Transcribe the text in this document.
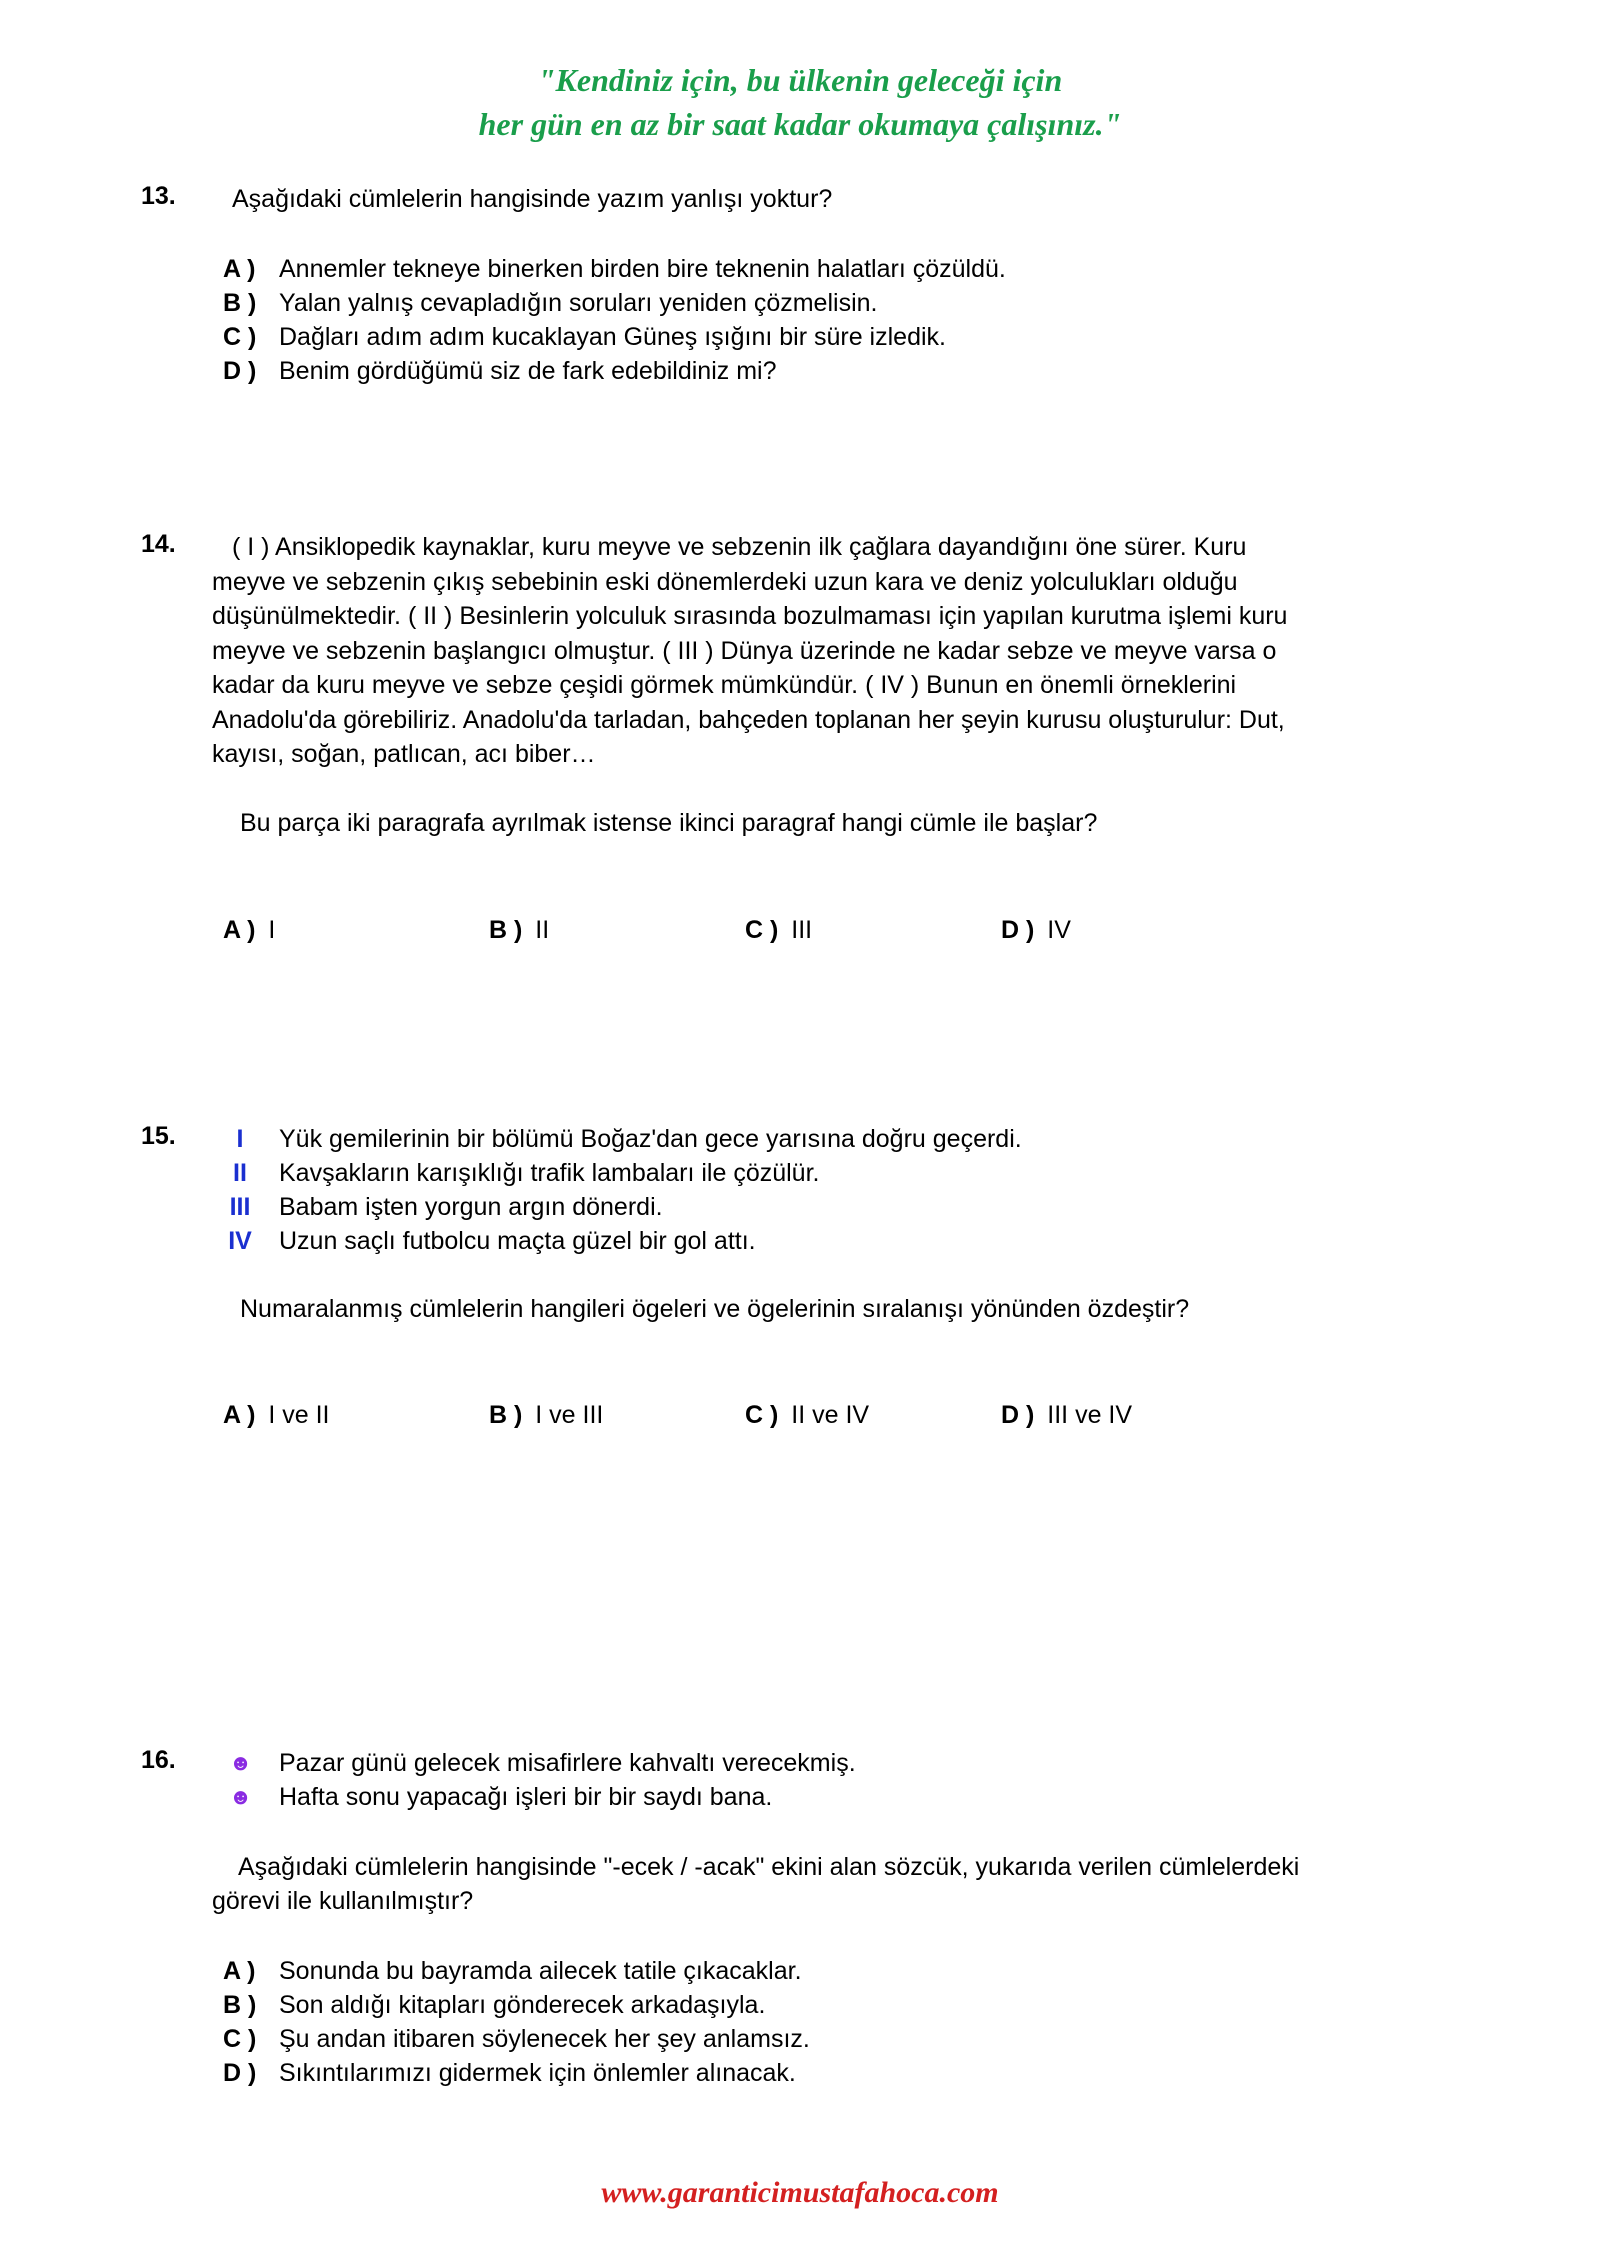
"Kendiniz için, bu ülkenin geleceği için
her gün en az bir saat kadar okumaya çalışınız."
13. Aşağıdaki cümlelerin hangisinde yazım yanlışı yoktur?
A ) Annemler tekneye binerken birden bire teknenin halatları çözüldü.
B ) Yalan yalnış cevapladığın soruları yeniden çözmelisin.
C ) Dağları adım adım kucaklayan Güneş ışığını bir süre izledik.
D ) Benim gördüğümü siz de fark edebildiniz mi?
14. ( I ) Ansiklopedik kaynaklar, kuru meyve ve sebzenin ilk çağlara dayandığını öne sürer. Kuru
meyve ve sebzenin çıkış sebebinin eski dönemlerdeki uzun kara ve deniz yolculukları olduğu
düşünülmektedir. ( II ) Besinlerin yolculuk sırasında bozulmaması için yapılan kurutma işlemi kuru
meyve ve sebzenin başlangıcı olmuştur. ( III ) Dünya üzerinde ne kadar sebze ve meyve varsa o
kadar da kuru meyve ve sebze çeşidi görmek mümkündür. ( IV ) Bunun en önemli örneklerini
Anadolu'da görebiliriz. Anadolu'da tarladan, bahçeden toplanan her şeyin kurusu oluşturulur: Dut,
kayısı, soğan, patlıcan, acı biber…
Bu parça iki paragrafa ayrılmak istense ikinci paragraf hangi cümle ile başlar?
A ) I	B ) II	C ) III	D ) IV
15.	I	Yük gemilerinin bir bölümü Boğaz'dan gece yarısına doğru geçerdi.
II	Kavşakların karışıklığı trafik lambaları ile çözülür.
III	Babam işten yorgun argın dönerdi.
IV	Uzun saçlı futbolcu maçta güzel bir gol attı.
Numaralanmış cümlelerin hangileri ögeleri ve ögelerinin sıralanışı yönünden özdeştir?
A ) I ve II	B ) I ve III	C ) II ve IV	D ) III ve IV
16. ☻ Pazar günü gelecek misafirlere kahvaltı verecekmiş.
☻ Hafta sonu yapacağı işleri bir bir saydı bana.
Aşağıdaki cümlelerin hangisinde "-ecek / -acak" ekini alan sözcük, yukarıda verilen cümlelerdeki
görevi ile kullanılmıştır?
A ) Sonunda bu bayramda ailecek tatile çıkacaklar.
B ) Son aldığı kitapları gönderecek arkadaşıyla.
C ) Şu andan itibaren söylenecek her şey anlamsız.
D ) Sıkıntılarımızı gidermek için önlemler alınacak.
www.garanticimustafahoca.com
